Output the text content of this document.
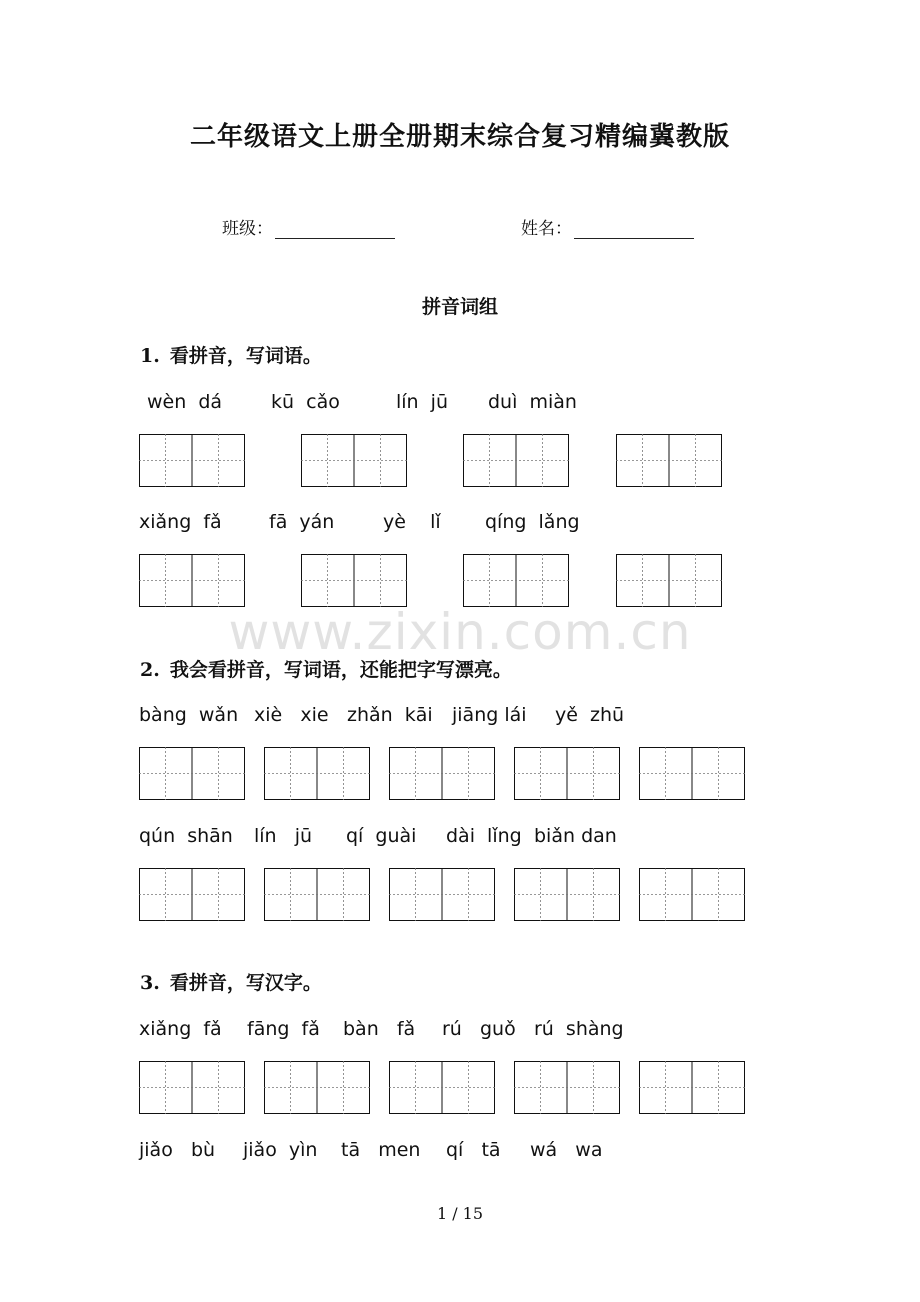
二年级语文上册全册期末综合复习精编冀教版
班级：	姓名：
拼音词组
1. 看拼音，写词语。
wèn  dá	kū  cǎo	lín  jū duì  miàn
xiǎng  fǎ fā  yán	yè    lǐ qíng  lǎng
www.zixin.com.cn
2. 我会看拼音，写词语，还能把字写漂亮。
bàng  wǎn xiè   xie zhǎn  kāi jiāng lái yě  zhū
qún  shān lín   jū qí  guài dài  lǐng biǎn dan
3. 看拼音，写汉字。
xiǎng  fǎ fāng  fǎ bàn   fǎ rú   guǒ rú  shàng
jiǎo   bù jiǎo  yìn tā   men qí   tā wá   wa
1 / 15
